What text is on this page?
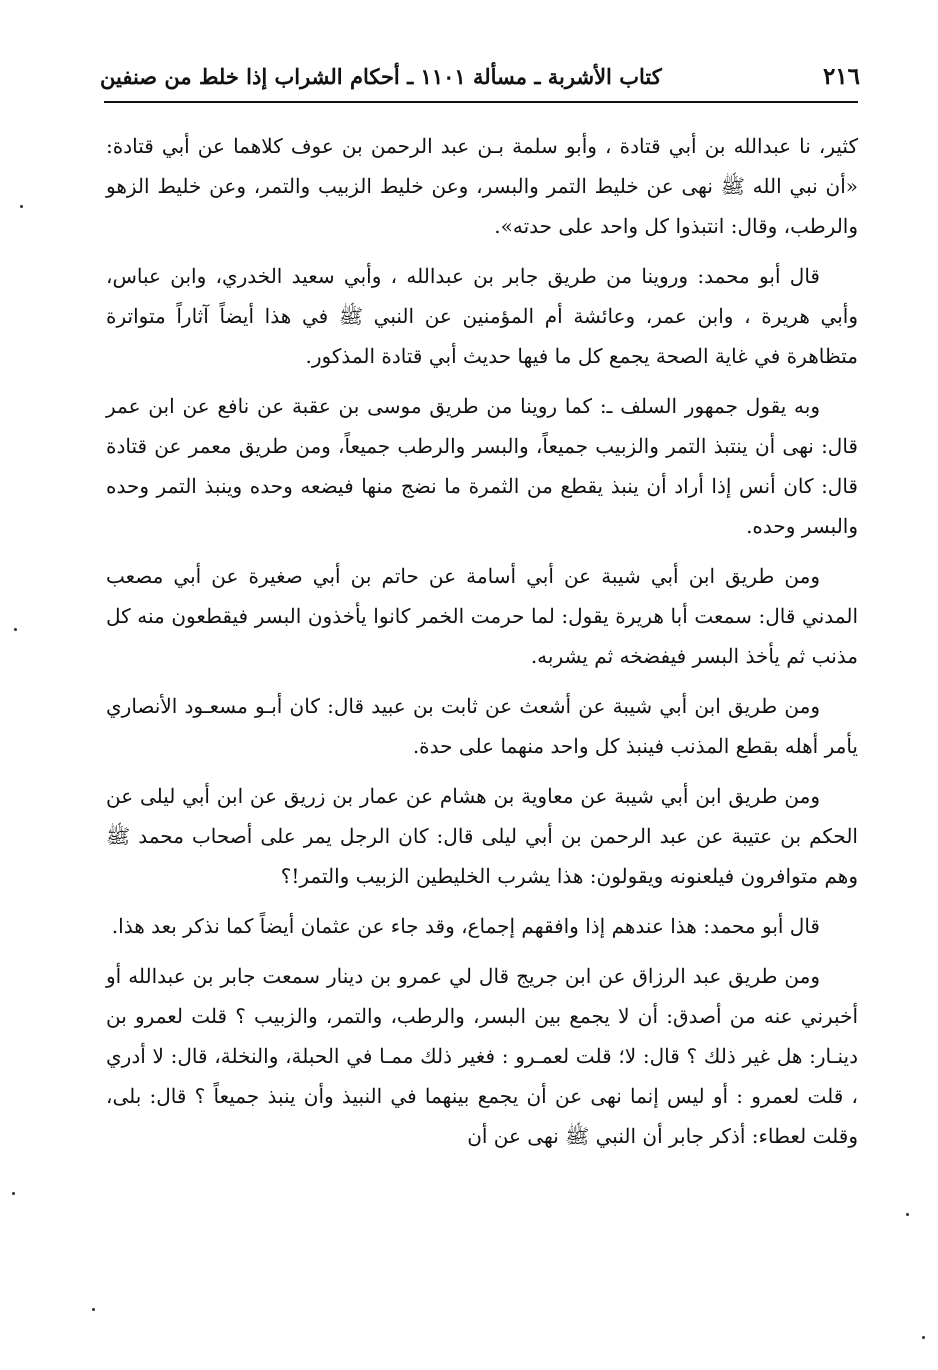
٢١٦
كتاب الأشربة ـ مسألة ١١٠١ ـ أحكام الشراب إذا خلط من صنفين

كثير، نا عبدالله بن أبي قتادة ، وأبو سلمة بـن عبد الرحمن بن عوف كلاهما عن أبي قتادة: «أن نبي الله ﷺ نهى عن خليط التمر والبسر، وعن خليط الزبيب والتمر، وعن خليط الزهو والرطب، وقال: انتبذوا كل واحد على حدته».

قال أبو محمد: وروينا من طريق جابر بن عبدالله ، وأبي سعيد الخدري، وابن عباس، وأبي هريرة ، وابن عمر، وعائشة أم المؤمنين عن النبي ﷺ في هذا أيضاً آثاراً متواترة متظاهرة في غاية الصحة يجمع كل ما فيها حديث أبي قتادة المذكور.

وبه يقول جمهور السلف ـ: كما روينا من طريق موسى بن عقبة عن نافع عن ابن عمر قال: نهى أن ينتبذ التمر والزبيب جميعاً، والبسر والرطب جميعاً، ومن طريق معمر عن قتادة قال: كان أنس إذا أراد أن ينبذ يقطع من الثمرة ما نضج منها فيضعه وحده وينبذ التمر وحده والبسر وحده.

ومن طريق ابن أبي شيبة عن أبي أسامة عن حاتم بن أبي صغيرة عن أبي مصعب المدني قال: سمعت أبا هريرة يقول: لما حرمت الخمر كانوا يأخذون البسر فيقطعون منه كل مذنب ثم يأخذ البسر فيفضخه ثم يشربه.

ومن طريق ابن أبي شيبة عن أشعث عن ثابت بن عبيد قال: كان أبـو مسعـود الأنصاري يأمر أهله بقطع المذنب فينبذ كل واحد منهما على حدة.

ومن طريق ابن أبي شيبة عن معاوية بن هشام عن عمار بن زريق عن ابن أبي ليلى عن الحكم بن عتيبة عن عبد الرحمن بن أبي ليلى قال: كان الرجل يمر على أصحاب محمد ﷺ وهم متوافرون فيلعنونه ويقولون: هذا يشرب الخليطين الزبيب والتمر!؟

قال أبو محمد: هذا عندهم إذا وافقهم إجماع، وقد جاء عن عثمان أيضاً كما نذكر بعد هذا.

ومن طريق عبد الرزاق عن ابن جريج قال لي عمرو بن دينار سمعت جابر بن عبدالله أو أخبرني عنه من أصدق: أن لا يجمع بين البسر، والرطب، والتمر، والزبيب ؟ قلت لعمرو بن دينـار: هل غير ذلك ؟ قال: لا؛ قلت لعمـرو : فغير ذلك ممـا في الحبلة، والنخلة، قال: لا أدري ، قلت لعمرو : أو ليس إنما نهى عن أن يجمع بينهما في النبيذ وأن ينبذ جميعاً ؟ قال: بلى، وقلت لعطاء: أذكر جابر أن النبي ﷺ نهى عن أن
